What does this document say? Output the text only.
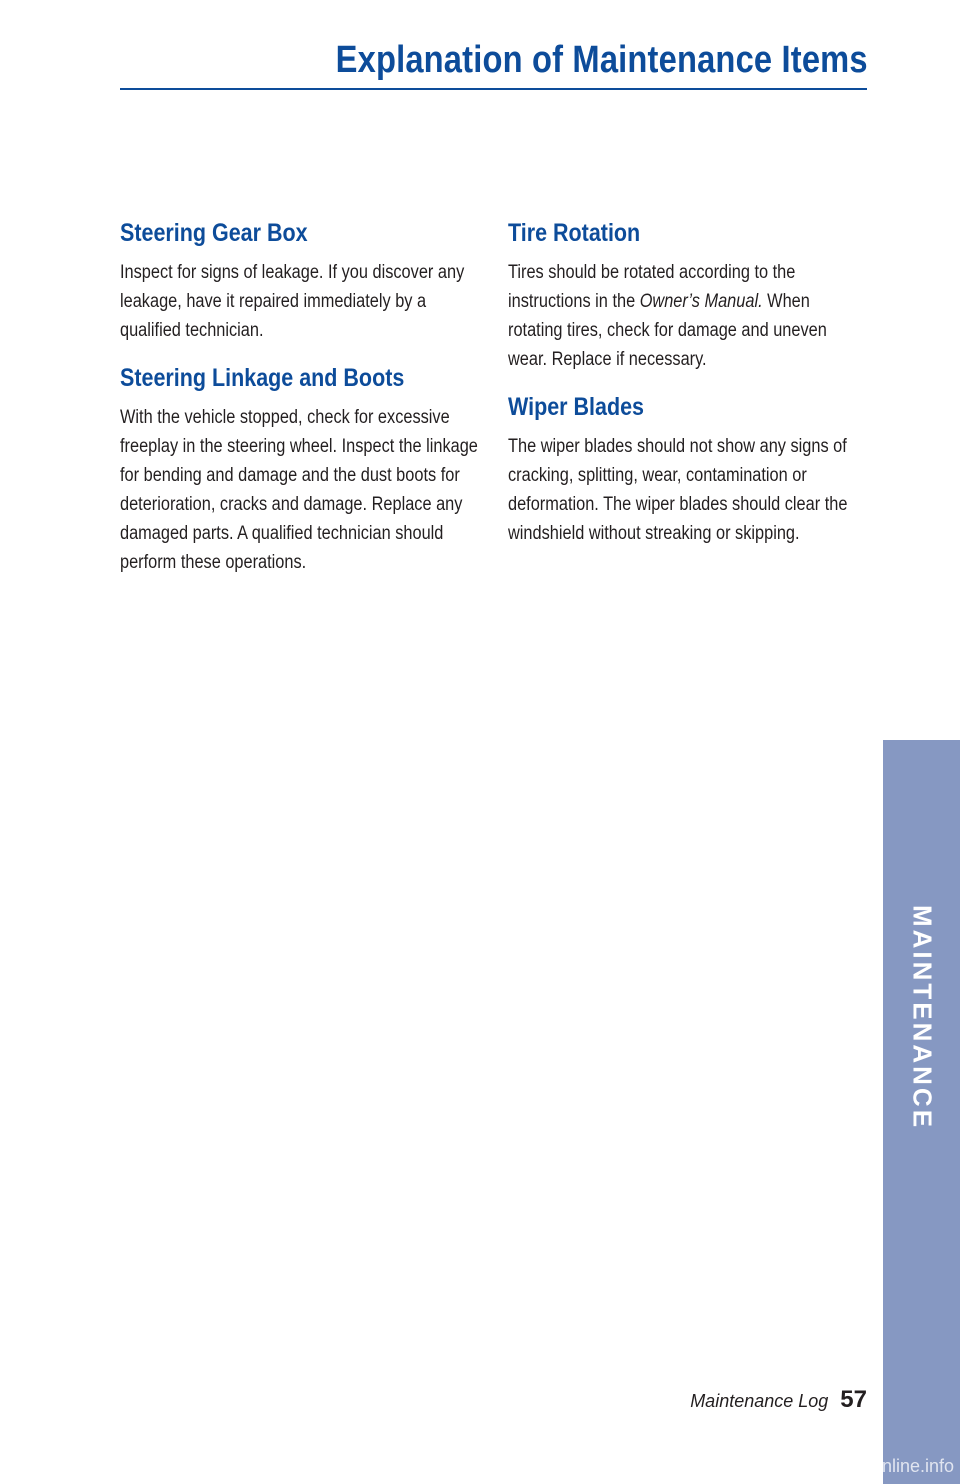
Explanation of Maintenance Items
Steering Gear Box

Inspect for signs of leakage. If you discover any leakage, have it repaired immediately by a qualified technician.

Steering Linkage and Boots

With the vehicle stopped, check for excessive freeplay in the steering wheel. Inspect the linkage for bending and damage and the dust boots for deterioration, cracks and damage. Replace any damaged parts. A qualified technician should perform these operations.

Tire Rotation

Tires should be rotated according to the instructions in the Owner’s Manual. When rotating tires, check for damage and uneven wear. Replace if necessary.

Wiper Blades

The wiper blades should not show any signs of cracking, splitting, wear, contamination or deformation. The wiper blades should clear the windshield without streaking or skipping.

MAINTENANCE
Maintenance Log 57
carmanualsonline.info
